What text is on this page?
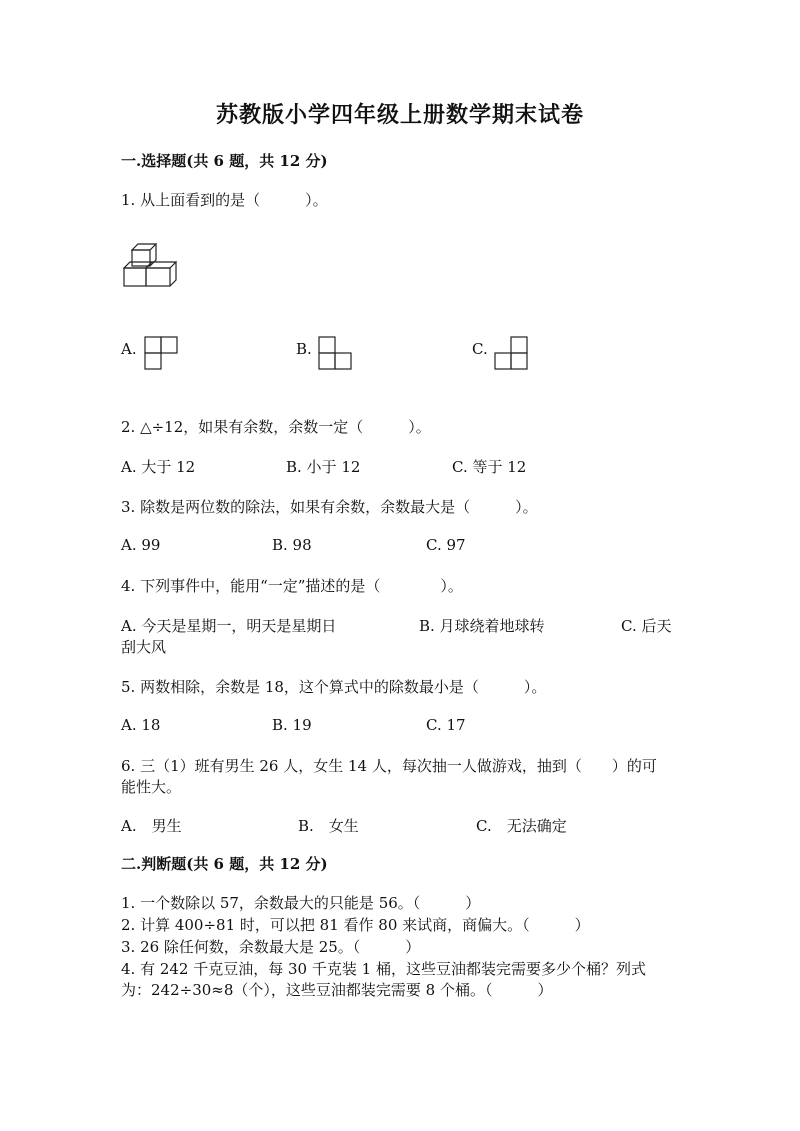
苏教版小学四年级上册数学期末试卷
一.选择题(共 6 题，共 12 分)
1. 从上面看到的是（　　　）。
A.	B.	C.
2. △÷12，如果有余数，余数一定（　　　）。
A. 大于 12	B. 小于 12	C. 等于 12
3. 除数是两位数的除法，如果有余数，余数最大是（　　　）。
A. 99	B. 98	C. 97
4. 下列事件中，能用“一定”描述的是（　　　　）。
A. 今天是星期一，明天是星期日	B. 月球绕着地球转	C. 后天
刮大风
5. 两数相除，余数是 18，这个算式中的除数最小是（　　　）。
A. 18	B. 19	C. 17
6. 三（1）班有男生 26 人，女生 14 人，每次抽一人做游戏，抽到（　　）的可
能性大。
A.　男生	B.　女生	C.　无法确定
二.判断题(共 6 题，共 12 分)
1. 一个数除以 57，余数最大的只能是 56。（　　　）
2. 计算 400÷81 时，可以把 81 看作 80 来试商，商偏大。（　　　）
3. 26 除任何数，余数最大是 25。（　　　）
4. 有 242 千克豆油，每 30 千克装 1 桶，这些豆油都装完需要多少个桶？列式
为：242÷30≈8（个），这些豆油都装完需要 8 个桶。（　　　）
